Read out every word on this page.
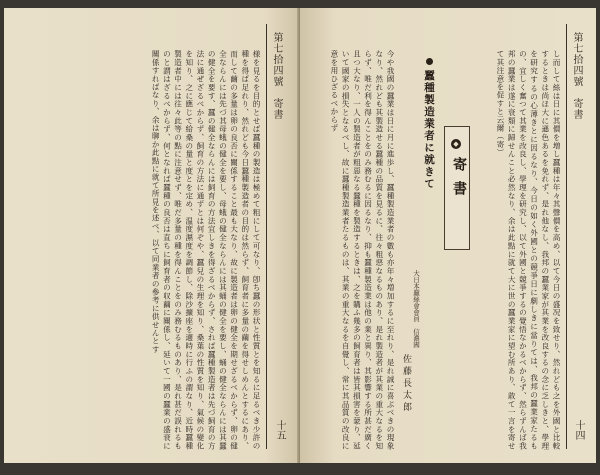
第七拾四號　寄書
十五
様を見るを目的とせば蠶種の製造は極めて粗にして可なり、卽ち蠶の形状と性質とを知るに足るべき少許の種を得ば足れり、然れども今日蠶種製造者の目的は然らず、飼育者に多量の繭を得せしめんとするにあり、而して繭の多量は卵の良否に關係すること最も大なり、故に製造者は卵の健全を期せざるべからず、卵の健全ならんには先づ其母蛾の健全を要し、母蛾の健全ならんには其蛹の健全を要し、蛹の健全ならんには其蠶の健全を要す、蠶の健全ならんには飼育の方法宜しきを得ざるべからず、されば蠶種製造者は先づ飼育の方法に通ぜざるべからず、飼育の方法に通ずとは何ぞや、蠶兒の生理を知り、桑葉の性質を知り、氣候の變化を知り、之に應じて給桑の量と度とを定め、温度濕度を調節し、除沙擴座を適時に行ふの謂なり、近時蠶種製造者中には往々此等の點に注意せず、唯だ多量の種を得んことをのみ務むるものあり、是れ甚だ誤れるものと謂はざるべからず、何となれば蠶種の良否は直ちに飼育者の収繭に關係し、延いて一國の蠶業の盛衰に關係すればなり、余は聊か此點に就て所見を述べ、以て同業者の參考に供せんとす	第七拾四號　寄書
十四
し而して絲は日に其價を増し蠶種は年々其聲價を高め、以て今日の盛况を致せり、然れども之を外國と比較するときは尚ほ大に遜色あるを免れず、是れ他なし、我邦の蠶業家が其業を改良するの念に乏しきと、學理を研究するの心薄きとに因るなり、今日の如く外國との競爭日に劇しきに當りては、我邦の蠶業家たるもの、宜しく奮つて其業を改良し、學理を研究し、以て外國と競爭するの覺悟なかるべからず、然らずんば我邦の蠶業は遂に衰頽に歸せんこと必然なり、余は此點に就て大に世の蠶業家に望む所あり、敢て一言を寄せて其注意を促すと云爾（寄）
◆
寄書
蠶種製造業者に就きて
大日本蠶絲會會員　信濃國
佐藤長太郎
今や我國の蠶業は日に月に進歩し、蠶種製造業者の數も亦年々増加するに至れり、是れ誠に喜ぶべきの現象なり、然れども其製造せる蠶種の品質を見るに、往々粗惡なるものあり、是れ製造者が其業の重大なるを知らず、唯だ利を得んことをのみ務むるに因るなり、抑も蠶種製造業は他の業と異り、其影響する所甚だ廣く且つ大なり、一人の製造者が粗惡なる蠶種を製造するときは、之を購ふ幾多の飼育者は皆其損害を蒙り、延いて國家の損失となるべし、故に蠶種製造業者たるものは、其業の重大なるを自覺し、常に其品質の改良に意を用ひざるべからず
